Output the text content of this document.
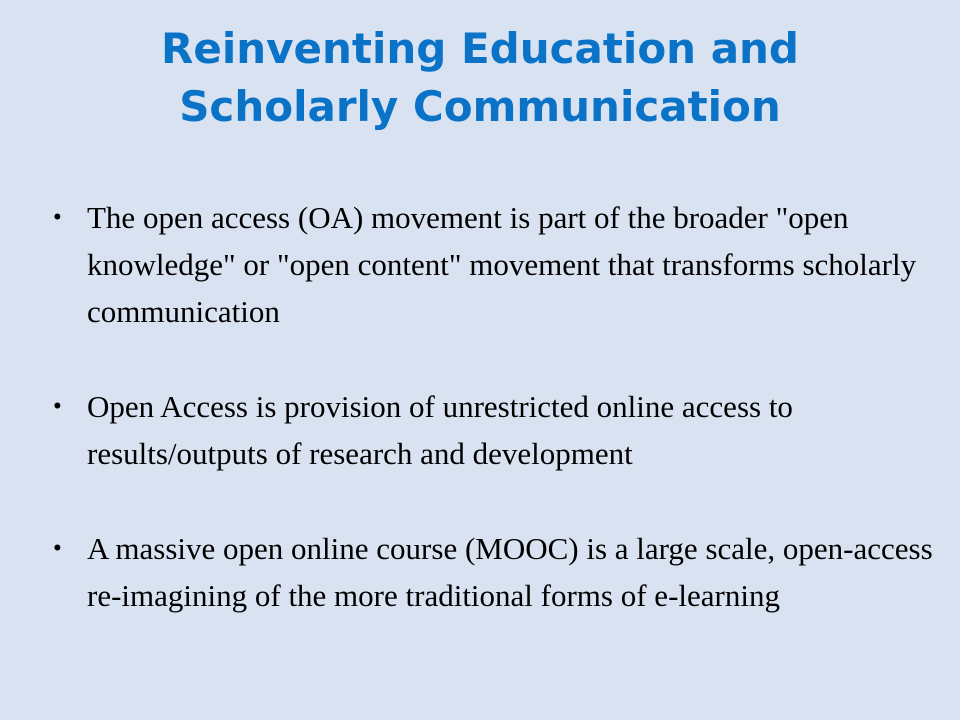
Reinventing Education and
Scholarly Communication
• The open access (OA) movement is part of the broader "open knowledge" or "open content" movement that transforms scholarly communication
• Open Access is provision of unrestricted online access to results/outputs of research and development
• A massive open online course (MOOC) is a large scale, open-access re-imagining of the more traditional forms of e-learning
